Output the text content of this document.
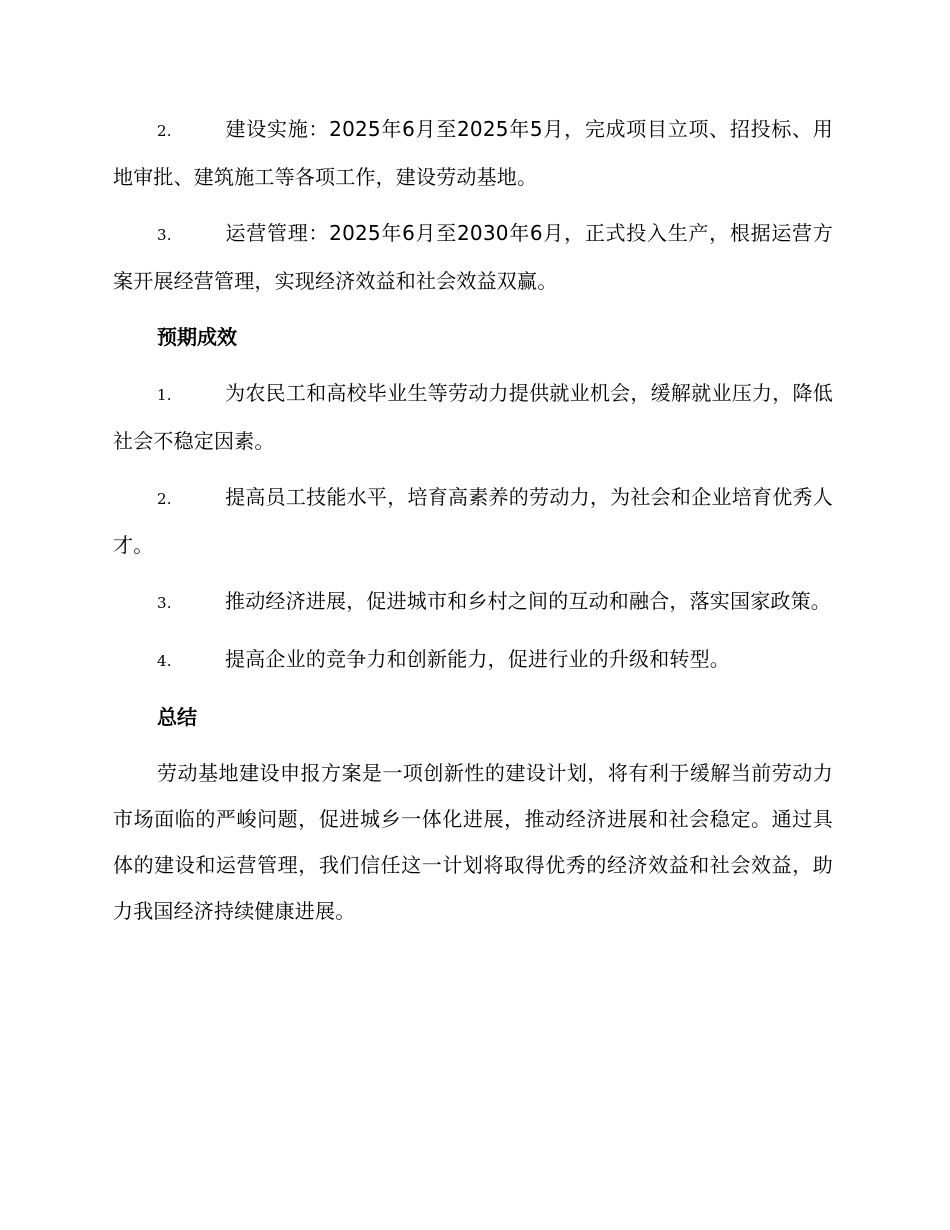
2.	建设实施：2025年6月至2025年5月，完成项目立项、招投标、用地审批、建筑施工等各项工作，建设劳动基地。
3.	运营管理：2025年6月至2030年6月，正式投入生产，根据运营方案开展经营管理，实现经济效益和社会效益双赢。
预期成效
1.	为农民工和高校毕业生等劳动力提供就业机会，缓解就业压力，降低社会不稳定因素。
2.	提高员工技能水平，培育高素养的劳动力，为社会和企业培育优秀人才。
3.	推动经济进展，促进城市和乡村之间的互动和融合，落实国家政策。
4.	提高企业的竞争力和创新能力，促进行业的升级和转型。
总结
劳动基地建设申报方案是一项创新性的建设计划，将有利于缓解当前劳动力市场面临的严峻问题，促进城乡一体化进展，推动经济进展和社会稳定。通过具体的建设和运营管理，我们信任这一计划将取得优秀的经济效益和社会效益，助力我国经济持续健康进展。
